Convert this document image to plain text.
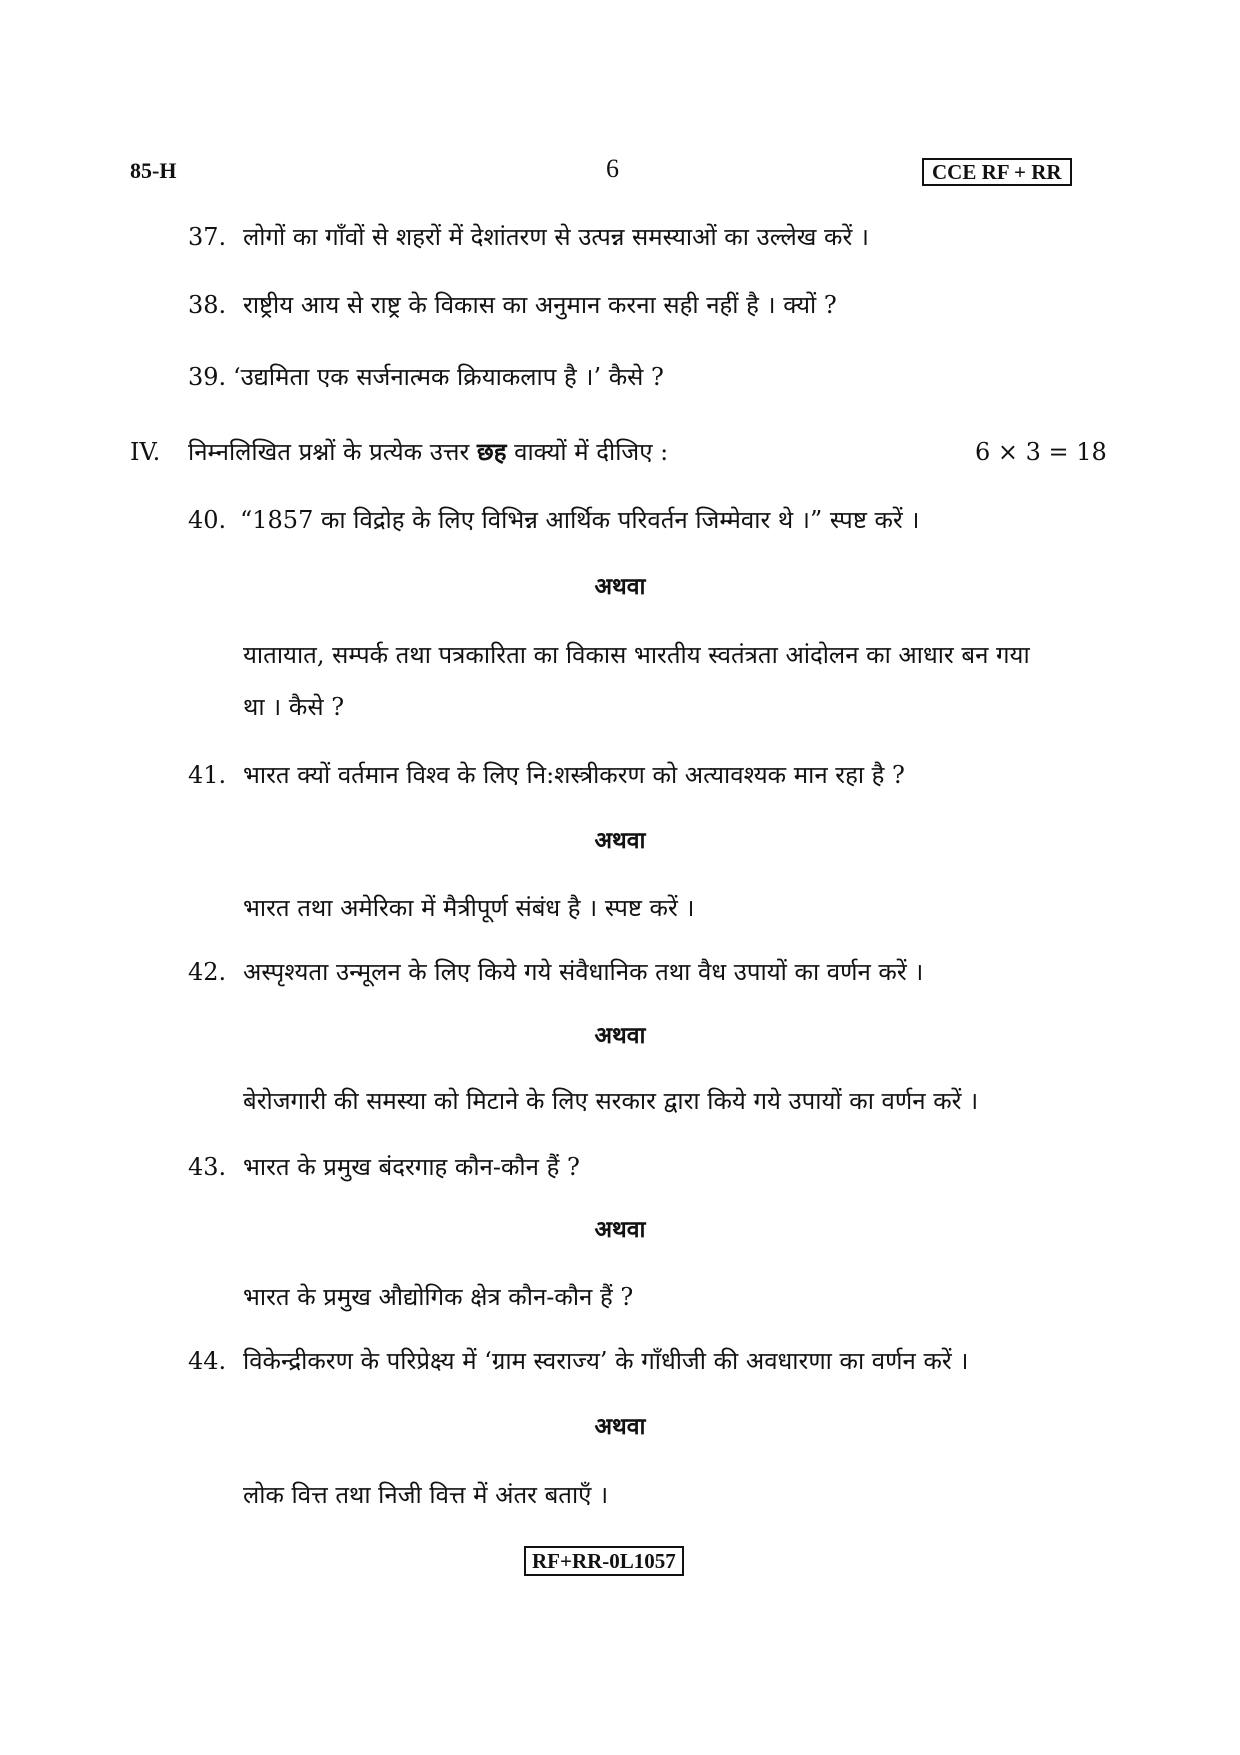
85-H	6	CCE RF + RR
37. लोगों का गाँवों से शहरों में देशांतरण से उत्पन्न समस्याओं का उल्लेख करें ।
38. राष्ट्रीय आय से राष्ट्र के विकास का अनुमान करना सही नहीं है । क्यों ?
39. ‘उद्यमिता एक सर्जनात्मक क्रियाकलाप है ।’ कैसे ?
IV. निम्नलिखित प्रश्नों के प्रत्येक उत्तर छह वाक्यों में दीजिए :	6 × 3 = 18
40. “1857 का विद्रोह के लिए विभिन्न आर्थिक परिवर्तन जिम्मेवार थे ।” स्पष्ट करें ।
अथवा
यातायात, सम्पर्क तथा पत्रकारिता का विकास भारतीय स्वतंत्रता आंदोलन का आधार बन गया
था । कैसे ?
41. भारत क्यों वर्तमान विश्व के लिए नि:शस्त्रीकरण को अत्यावश्यक मान रहा है ?
अथवा
भारत तथा अमेरिका में मैत्रीपूर्ण संबंध है । स्पष्ट करें ।
42. अस्पृश्यता उन्मूलन के लिए किये गये संवैधानिक तथा वैध उपायों का वर्णन करें ।
अथवा
बेरोजगारी की समस्या को मिटाने के लिए सरकार द्वारा किये गये उपायों का वर्णन करें ।
43. भारत के प्रमुख बंदरगाह कौन-कौन हैं ?
अथवा
भारत के प्रमुख औद्योगिक क्षेत्र कौन-कौन हैं ?
44. विकेन्द्रीकरण के परिप्रेक्ष्य में ‘ग्राम स्वराज्य’ के गाँधीजी की अवधारणा का वर्णन करें ।
अथवा
लोक वित्त तथा निजी वित्त में अंतर बताएँ ।
RF+RR-0L1057
